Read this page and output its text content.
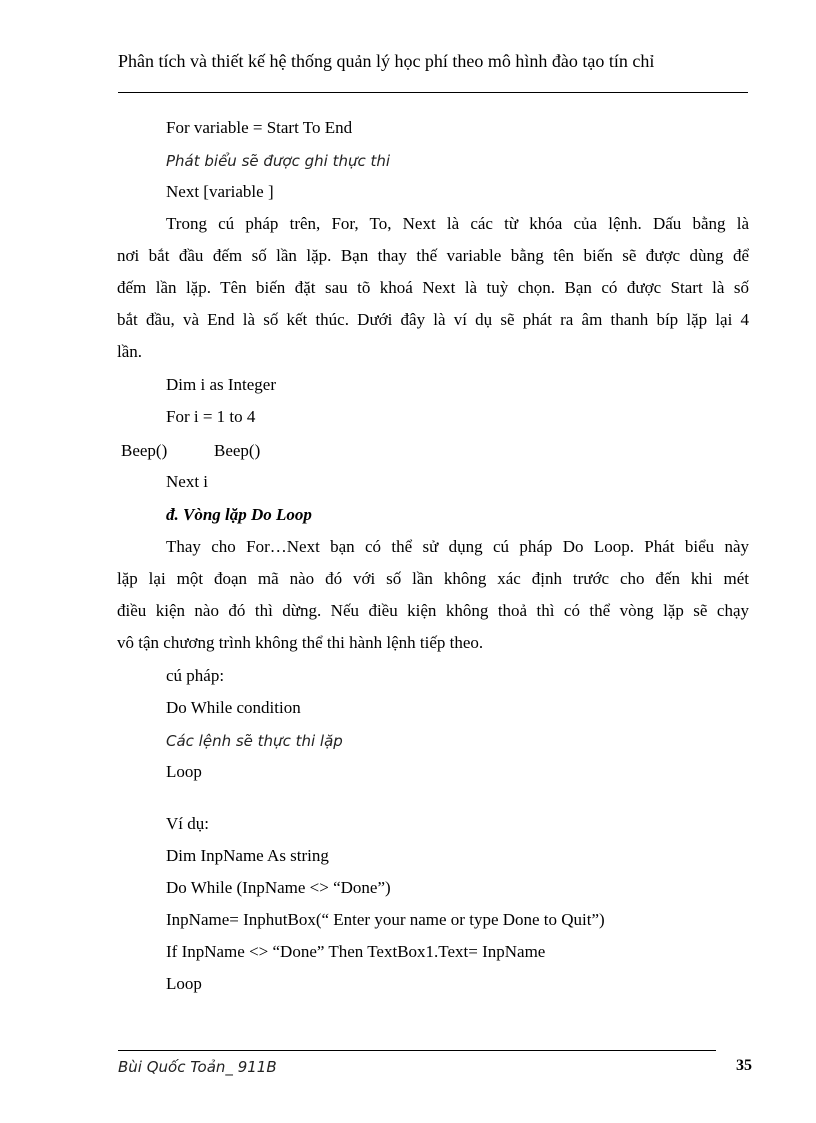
Phân tích và thiết kế hệ thống quản lý học phí theo mô hình đào tạo tín chỉ
For variable = Start To End
Phát biểu sẽ được ghi thực thi
Next [variable ]
Trong cú pháp trên, For, To, Next là các từ khóa của lệnh. Dấu bằng là
nơi bắt đầu đếm số lần lặp. Bạn thay thế variable bằng tên biến sẽ được dùng để
đếm lần lặp. Tên biến đặt sau tõ khoá Next là tuỳ chọn. Bạn có được Start là số
bắt đầu, và End là số kết thúc. Dưới đây là ví dụ sẽ phát ra âm thanh bíp lặp lại 4
lần.
Dim i as Integer
For i = 1 to 4
Beep()	Beep()
Next i
đ. Vòng lặp Do Loop
Thay cho For…Next bạn có thể sử dụng cú pháp Do Loop. Phát biểu này
lặp lại một đoạn mã nào đó với số lần không xác định trước cho đến khi mét
điều kiện nào đó thì dừng. Nếu điều kiện không thoả thì có thể vòng lặp sẽ chạy
vô tận chương trình không thể thi hành lệnh tiếp theo.
cú pháp:
Do While condition
Các lệnh sẽ thực thi lặp
Loop
Ví dụ:
Dim InpName As string
Do While (InpName <> “Done”)
InpName= InphutBox(“ Enter your name or type Done to Quit”)
If InpName <> “Done” Then TextBox1.Text= InpName
Loop
Bùi Quốc Toản_ 911B	35
